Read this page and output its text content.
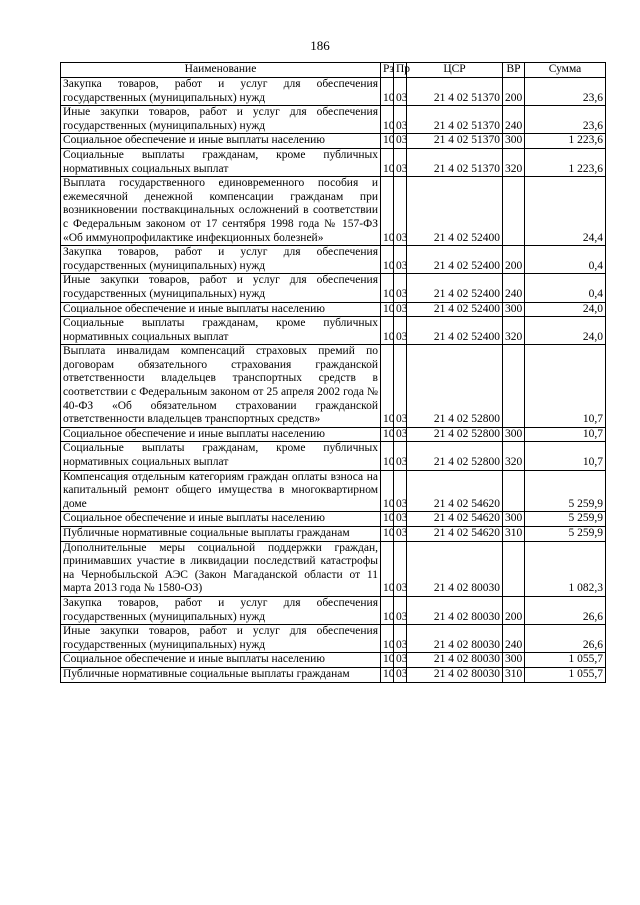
186
Наименование	Рз	Пр	ЦСР	ВР	Сумма
Закупка товаров, работ и услуг для обеспечения государственных (муниципальных) нужд	10	03	21 4 02 51370	200	23,6
Иные закупки товаров, работ и услуг для обеспечения государственных (муниципальных) нужд	10	03	21 4 02 51370	240	23,6
Социальное обеспечение и иные выплаты населению	10	03	21 4 02 51370	300	1 223,6
Социальные выплаты гражданам, кроме публичных нормативных социальных выплат	10	03	21 4 02 51370	320	1 223,6
Выплата государственного единовременного пособия и ежемесячной денежной компенсации гражданам при возникновении поствакцинальных осложнений в соответствии с Федеральным законом от 17 сентября 1998 года № 157-ФЗ «Об иммунопрофилактике инфекционных болезней»	10	03	21 4 02 52400		24,4
Закупка товаров, работ и услуг для обеспечения государственных (муниципальных) нужд	10	03	21 4 02 52400	200	0,4
Иные закупки товаров, работ и услуг для обеспечения государственных (муниципальных) нужд	10	03	21 4 02 52400	240	0,4
Социальное обеспечение и иные выплаты населению	10	03	21 4 02 52400	300	24,0
Социальные выплаты гражданам, кроме публичных нормативных социальных выплат	10	03	21 4 02 52400	320	24,0
Выплата инвалидам компенсаций страховых премий по договорам обязательного страхования гражданской ответственности владельцев транспортных средств в соответствии с Федеральным законом от 25 апреля 2002 года № 40-ФЗ «Об обязательном страховании гражданской ответственности владельцев транспортных средств»	10	03	21 4 02 52800		10,7
Социальное обеспечение и иные выплаты населению	10	03	21 4 02 52800	300	10,7
Социальные выплаты гражданам, кроме публичных нормативных социальных выплат	10	03	21 4 02 52800	320	10,7
Компенсация отдельным категориям граждан оплаты взноса на капитальный ремонт общего имущества в многоквартирном доме	10	03	21 4 02 54620		5 259,9
Социальное обеспечение и иные выплаты населению	10	03	21 4 02 54620	300	5 259,9
Публичные нормативные социальные выплаты гражданам	10	03	21 4 02 54620	310	5 259,9
Дополнительные меры социальной поддержки граждан, принимавших участие в ликвидации последствий катастрофы на Чернобыльской АЭС (Закон Магаданской области от 11 марта 2013 года № 1580-ОЗ)	10	03	21 4 02 80030		1 082,3
Закупка товаров, работ и услуг для обеспечения государственных (муниципальных) нужд	10	03	21 4 02 80030	200	26,6
Иные закупки товаров, работ и услуг для обеспечения государственных (муниципальных) нужд	10	03	21 4 02 80030	240	26,6
Социальное обеспечение и иные выплаты населению	10	03	21 4 02 80030	300	1 055,7
Публичные нормативные социальные выплаты гражданам	10	03	21 4 02 80030	310	1 055,7
